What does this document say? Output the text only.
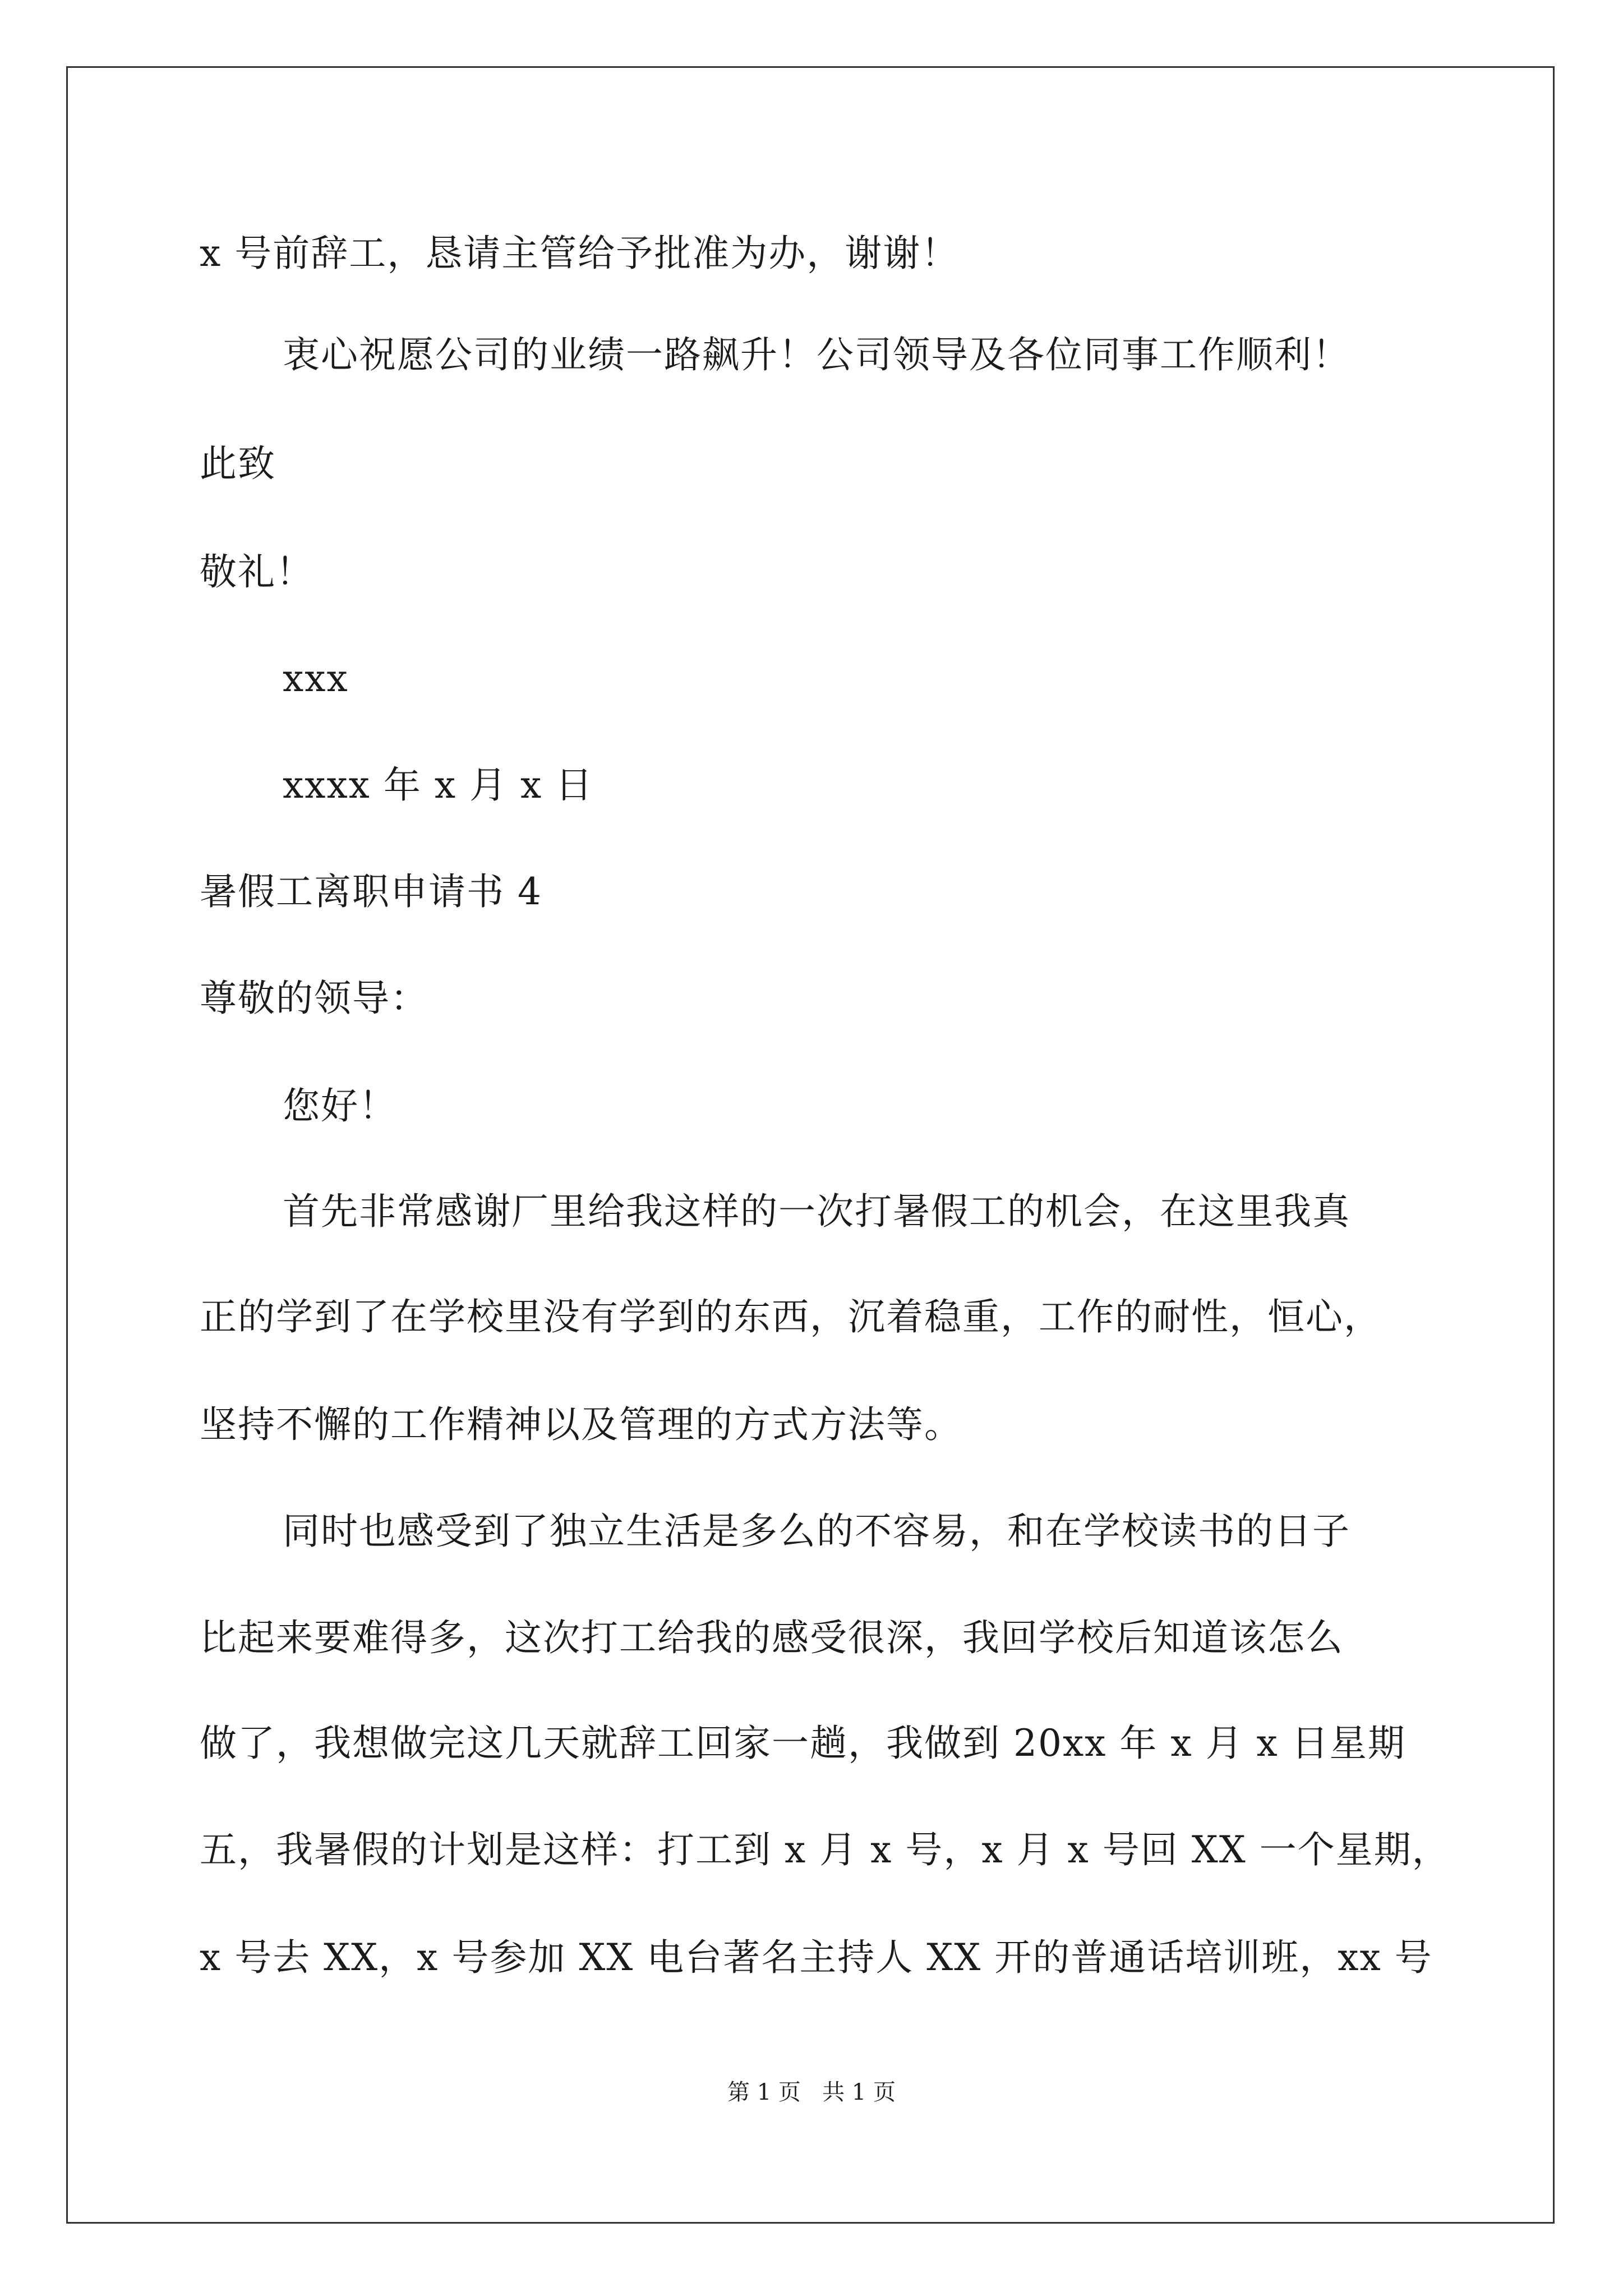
x 号前辞工，恳请主管给予批准为办，谢谢！
衷心祝愿公司的业绩一路飙升！公司领导及各位同事工作顺利！
此致
敬礼！
xxx
xxxx 年 x 月 x 日
暑假工离职申请书 4
尊敬的领导：
您好！
首先非常感谢厂里给我这样的一次打暑假工的机会，在这里我真
正的学到了在学校里没有学到的东西，沉着稳重，工作的耐性，恒心，
坚持不懈的工作精神以及管理的方式方法等。
同时也感受到了独立生活是多么的不容易，和在学校读书的日子
比起来要难得多，这次打工给我的感受很深，我回学校后知道该怎么
做了，我想做完这几天就辞工回家一趟，我做到 20xx 年 x 月 x 日星期
五，我暑假的计划是这样：打工到 x 月 x 号，x 月 x 号回 XX 一个星期，
x 号去 XX，x 号参加 XX 电台著名主持人 XX 开的普通话培训班，xx 号
第 1 页   共 1 页
